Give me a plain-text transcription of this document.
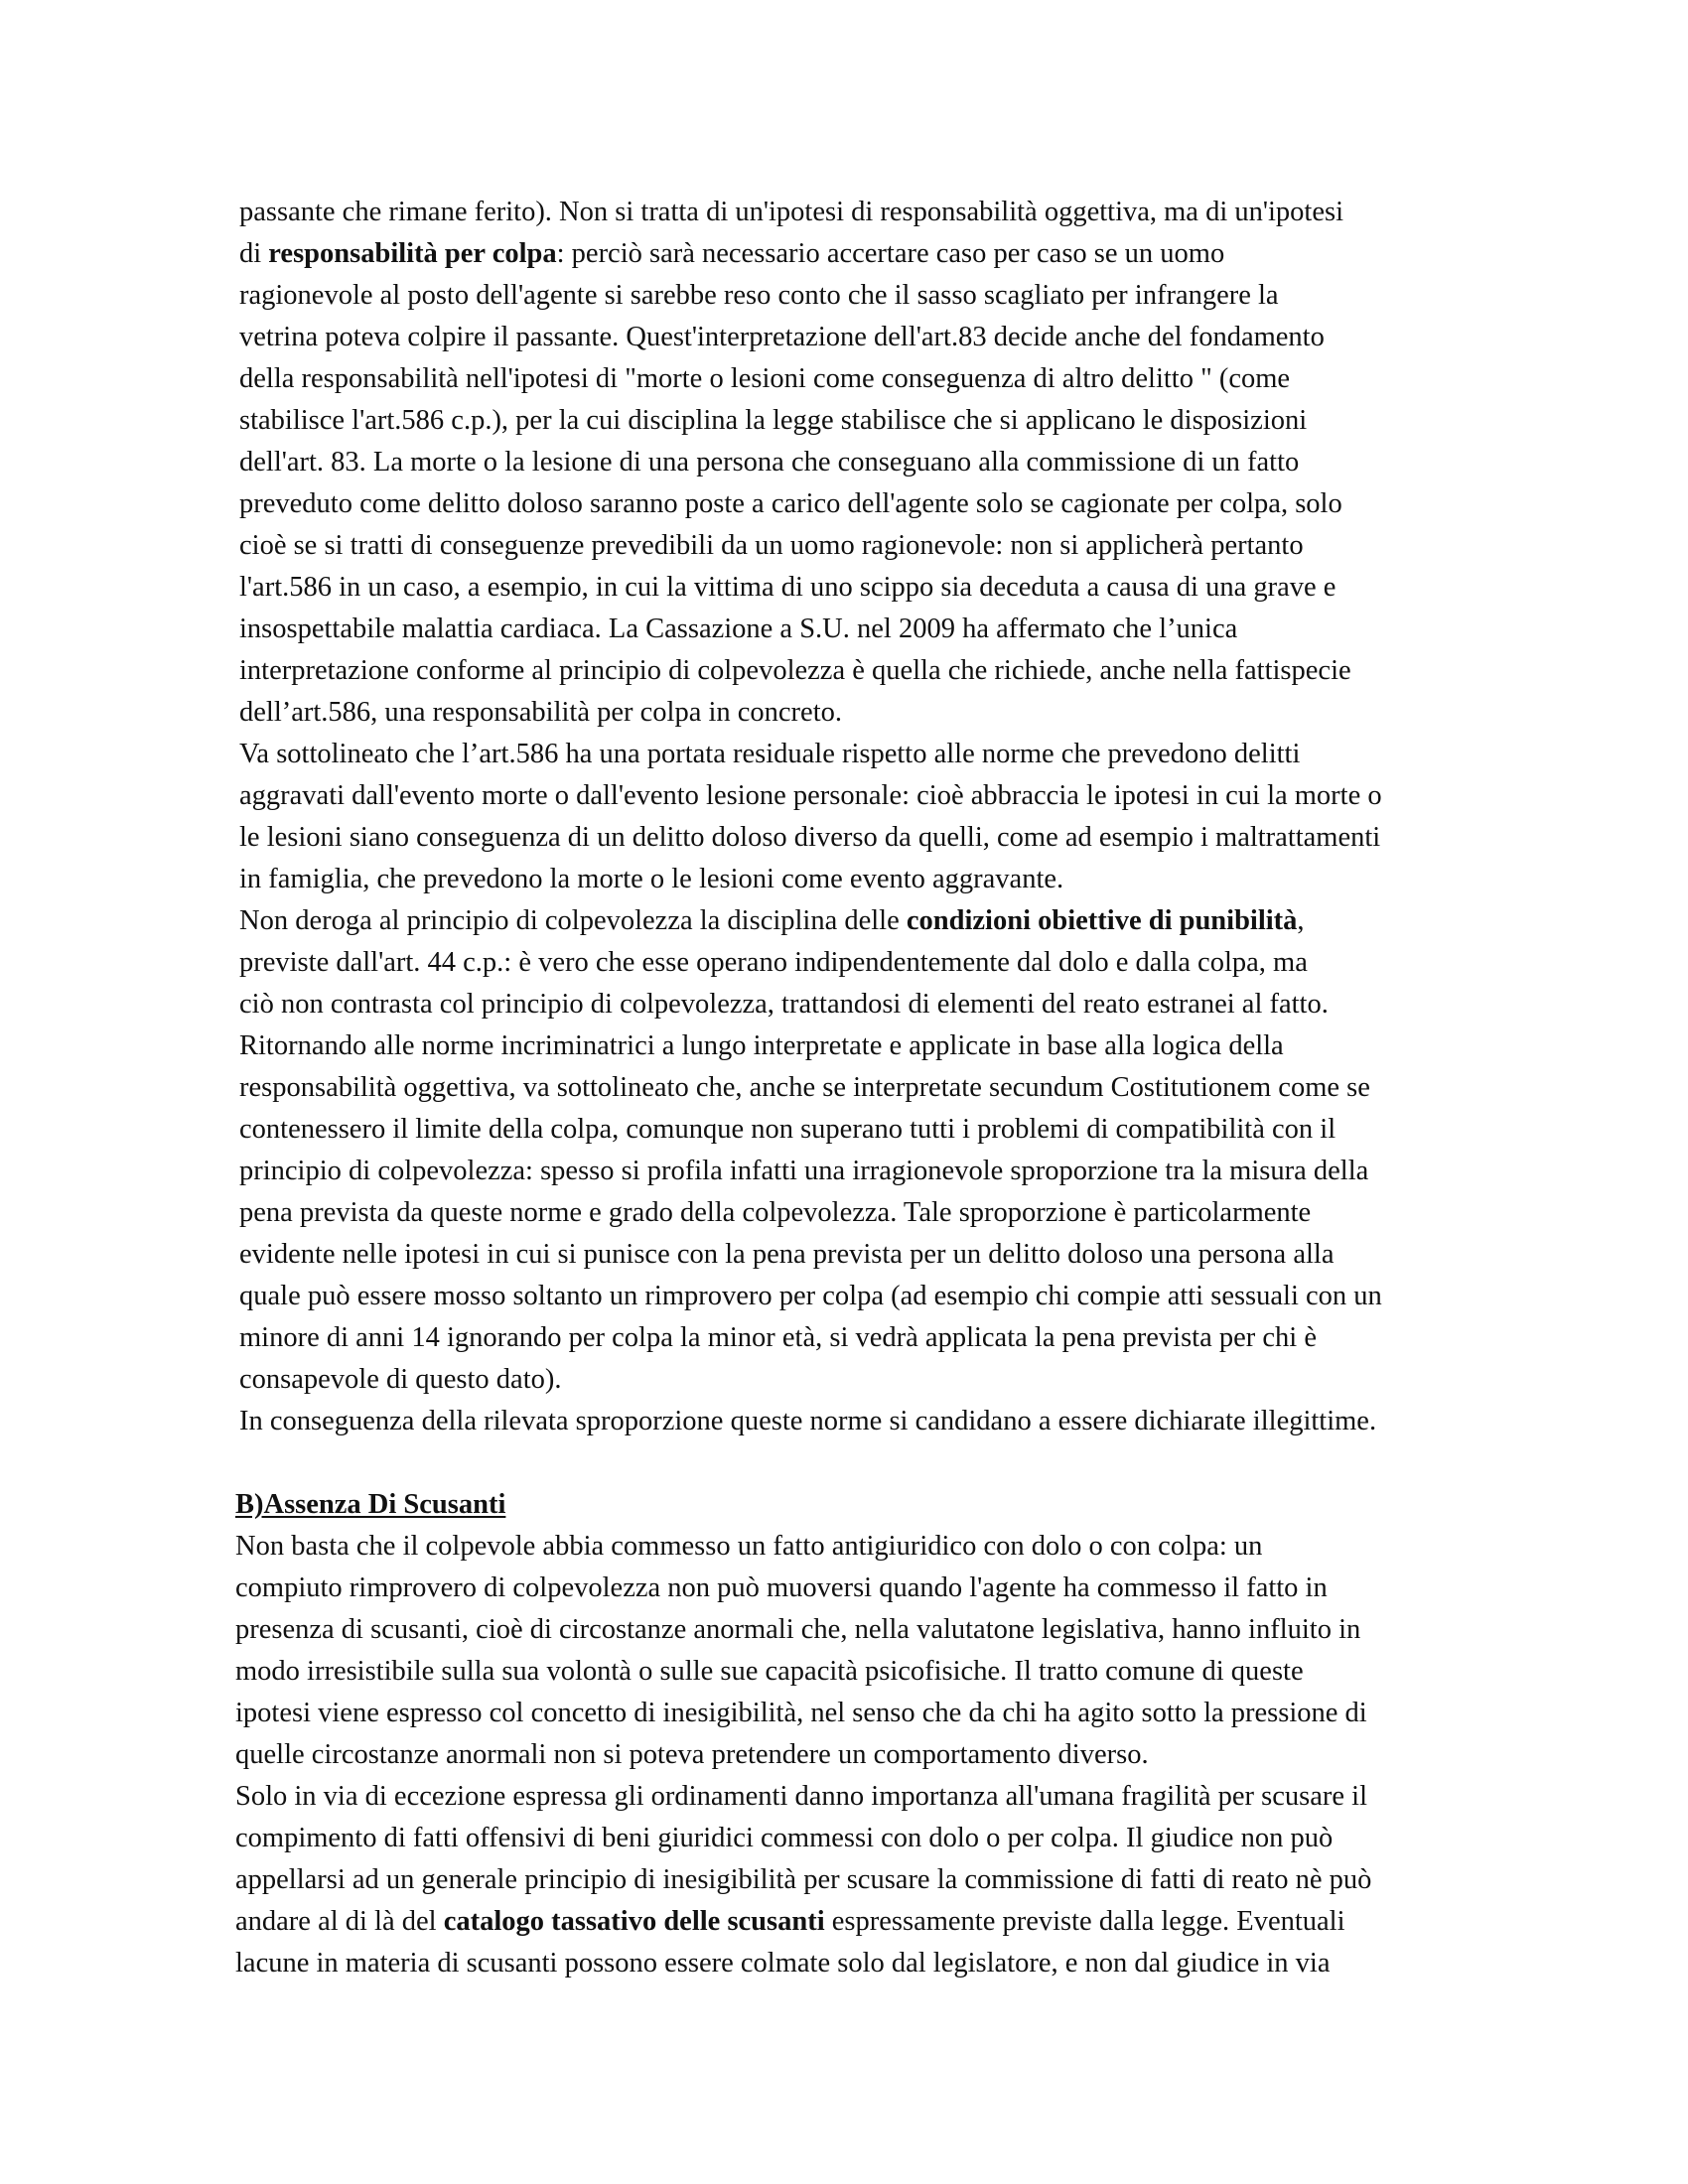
passante che rimane ferito). Non si tratta di un'ipotesi di responsabilità oggettiva, ma di un'ipotesi
di responsabilità per colpa: perciò sarà necessario accertare caso per caso se un uomo
ragionevole al posto dell'agente si sarebbe reso conto che il sasso scagliato per infrangere la
vetrina poteva colpire il passante. Quest'interpretazione dell'art.83 decide anche del fondamento
della responsabilità nell'ipotesi di "morte o lesioni come conseguenza di altro delitto " (come
stabilisce l'art.586 c.p.), per la cui disciplina la legge stabilisce che si applicano le disposizioni
dell'art. 83. La morte o la lesione di una persona che conseguano alla commissione di un fatto
preveduto come delitto doloso saranno poste a carico dell'agente solo se cagionate per colpa, solo
cioè se si tratti di conseguenze prevedibili da un uomo ragionevole: non si applicherà pertanto
l'art.586 in un caso, a esempio, in cui la vittima di uno scippo sia deceduta a causa di una grave e
insospettabile malattia cardiaca. La Cassazione a S.U. nel 2009 ha affermato che l’unica
interpretazione conforme al principio di colpevolezza è quella che richiede, anche nella fattispecie
dell’art.586, una responsabilità per colpa in concreto.
Va sottolineato che l’art.586 ha una portata residuale rispetto alle norme che prevedono delitti
aggravati dall'evento morte o dall'evento lesione personale: cioè abbraccia le ipotesi in cui la morte o
le lesioni siano conseguenza di un delitto doloso diverso da quelli, come ad esempio i maltrattamenti
in famiglia, che prevedono la morte o le lesioni come evento aggravante.
Non deroga al principio di colpevolezza la disciplina delle condizioni obiettive di punibilità,
previste dall'art. 44 c.p.: è vero che esse operano indipendentemente dal dolo e dalla colpa, ma
ciò non contrasta col principio di colpevolezza, trattandosi di elementi del reato estranei al fatto.
Ritornando alle norme incriminatrici a lungo interpretate e applicate in base alla logica della
responsabilità oggettiva, va sottolineato che, anche se interpretate secundum Costitutionem come se
contenessero il limite della colpa, comunque non superano tutti i problemi di compatibilità con il
principio di colpevolezza: spesso si profila infatti una irragionevole sproporzione tra la misura della
pena prevista da queste norme e grado della colpevolezza. Tale sproporzione è particolarmente
evidente nelle ipotesi in cui si punisce con la pena prevista per un delitto doloso una persona alla
quale può essere mosso soltanto un rimprovero per colpa (ad esempio chi compie atti sessuali con un
minore di anni 14 ignorando per colpa la minor età, si vedrà applicata la pena prevista per chi è
consapevole di questo dato).
In conseguenza della rilevata sproporzione queste norme si candidano a essere dichiarate illegittime.
B)Assenza Di Scusanti
Non basta che il colpevole abbia commesso un fatto antigiuridico con dolo o con colpa: un
compiuto rimprovero di colpevolezza non può muoversi quando l'agente ha commesso il fatto in
presenza di scusanti, cioè di circostanze anormali che, nella valutatone legislativa, hanno influito in
modo irresistibile sulla sua volontà o sulle sue capacità psicofisiche. Il tratto comune di queste
ipotesi viene espresso col concetto di inesigibilità, nel senso che da chi ha agito sotto la pressione di
quelle circostanze anormali non si poteva pretendere un comportamento diverso.
Solo in via di eccezione espressa gli ordinamenti danno importanza all'umana fragilità per scusare il
compimento di fatti offensivi di beni giuridici commessi con dolo o per colpa. Il giudice non può
appellarsi ad un generale principio di inesigibilità per scusare la commissione di fatti di reato nè può
andare al di là del catalogo tassativo delle scusanti espressamente previste dalla legge. Eventuali
lacune in materia di scusanti possono essere colmate solo dal legislatore, e non dal giudice in via
